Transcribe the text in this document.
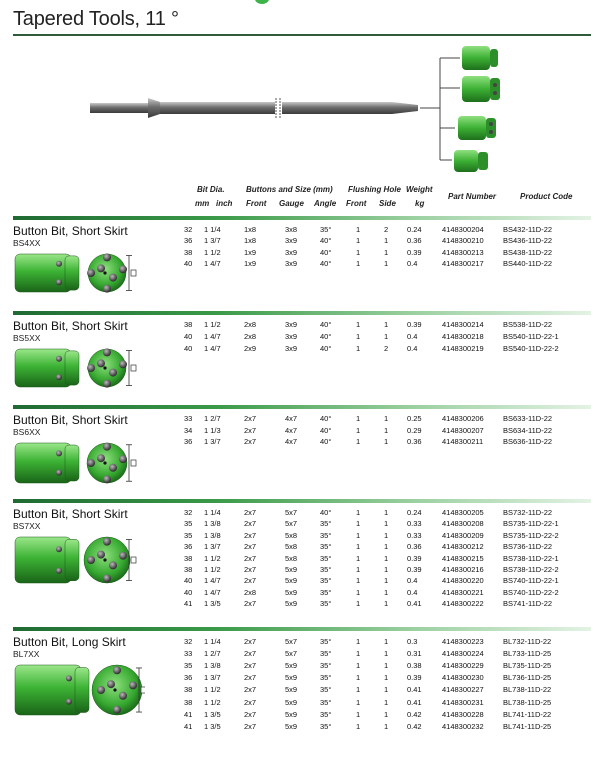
Tapered Tools, 11 °
Bit Dia.
mm inch
Buttons and Size (mm)
Front Gauge Angle
Flushing Hole
Front Side
Weight
kg
Part Number	Product Code
Button Bit, Short Skirt
BS4XX
32 1 1/4	1x8	3x8	35°	1	2	0.24	4148300204	BS432-11D-22
36 1 3/7	1x8	3x9	40°	1	1	0.36	4148300210	BS436-11D-22
38 1 1/2	1x9	3x9	40°	1	1	0.39	4148300213	BS438-11D-22
40 1 4/7	1x9	3x9	40°	1	1	0.4	4148300217	BS440-11D-22
Button Bit, Short Skirt
BS5XX
38 1 1/2	2x8	3x9	40°	1	1	0.39	4148300214	BS538-11D-22
40 1 4/7	2x8	3x9	40°	1	1	0.4	4148300218	BS540-11D-22-1
40 1 4/7	2x9	3x9	40°	1	2	0.4	4148300219	BS540-11D-22-2
Button Bit, Short Skirt
BS6XX
33 1 2/7	2x7	4x7	40°	1	1	0.25	4148300206	BS633-11D-22
34 1 1/3	2x7	4x7	40°	1	1	0.29	4148300207	BS634-11D-22
36 1 3/7	2x7	4x7	40°	1	1	0.36	4148300211	BS636-11D-22
Button Bit, Short Skirt
BS7XX
32 1 1/4	2x7	5x7	40°	1	1	0.24	4148300205	BS732-11D-22
35 1 3/8	2x7	5x7	35°	1	1	0.33	4148300208	BS735-11D-22-1
35 1 3/8	2x7	5x8	35°	1	1	0.33	4148300209	BS735-11D-22-2
36 1 3/7	2x7	5x8	35°	1	1	0.36	4148300212	BS736-11D-22
38 1 1/2	2x7	5x8	35°	1	1	0.39	4148300215	BS738-11D-22-1
38 1 1/2	2x7	5x9	35°	1	1	0.39	4148300216	BS738-11D-22-2
40 1 4/7	2x7	5x9	35°	1	1	0.4	4148300220	BS740-11D-22-1
40 1 4/7	2x8	5x9	35°	1	1	0.4	4148300221	BS740-11D-22-2
41 1 3/5	2x7	5x9	35°	1	1	0.41	4148300222	BS741-11D-22
Button Bit, Long Skirt
BL7XX
32 1 1/4	2x7	5x7	35°	1	1	0.3	4148300223	BL732-11D-22
33 1 2/7	2x7	5x7	35°	1	1	0.31	4148300224	BL733-11D-25
35 1 3/8	2x7	5x9	35°	1	1	0.38	4148300229	BL735-11D-25
36 1 3/7	2x7	5x9	35°	1	1	0.39	4148300230	BL736-11D-25
38 1 1/2	2x7	5x9	35°	1	1	0.41	4148300227	BL738-11D-22
38 1 1/2	2x7	5x9	35°	1	1	0.41	4148300231	BL738-11D-25
41 1 3/5	2x7	5x9	35°	1	1	0.42	4148300228	BL741-11D-22
41 1 3/5	2x7	5x9	35°	1	1	0.42	4148300232	BL741-11D-25
